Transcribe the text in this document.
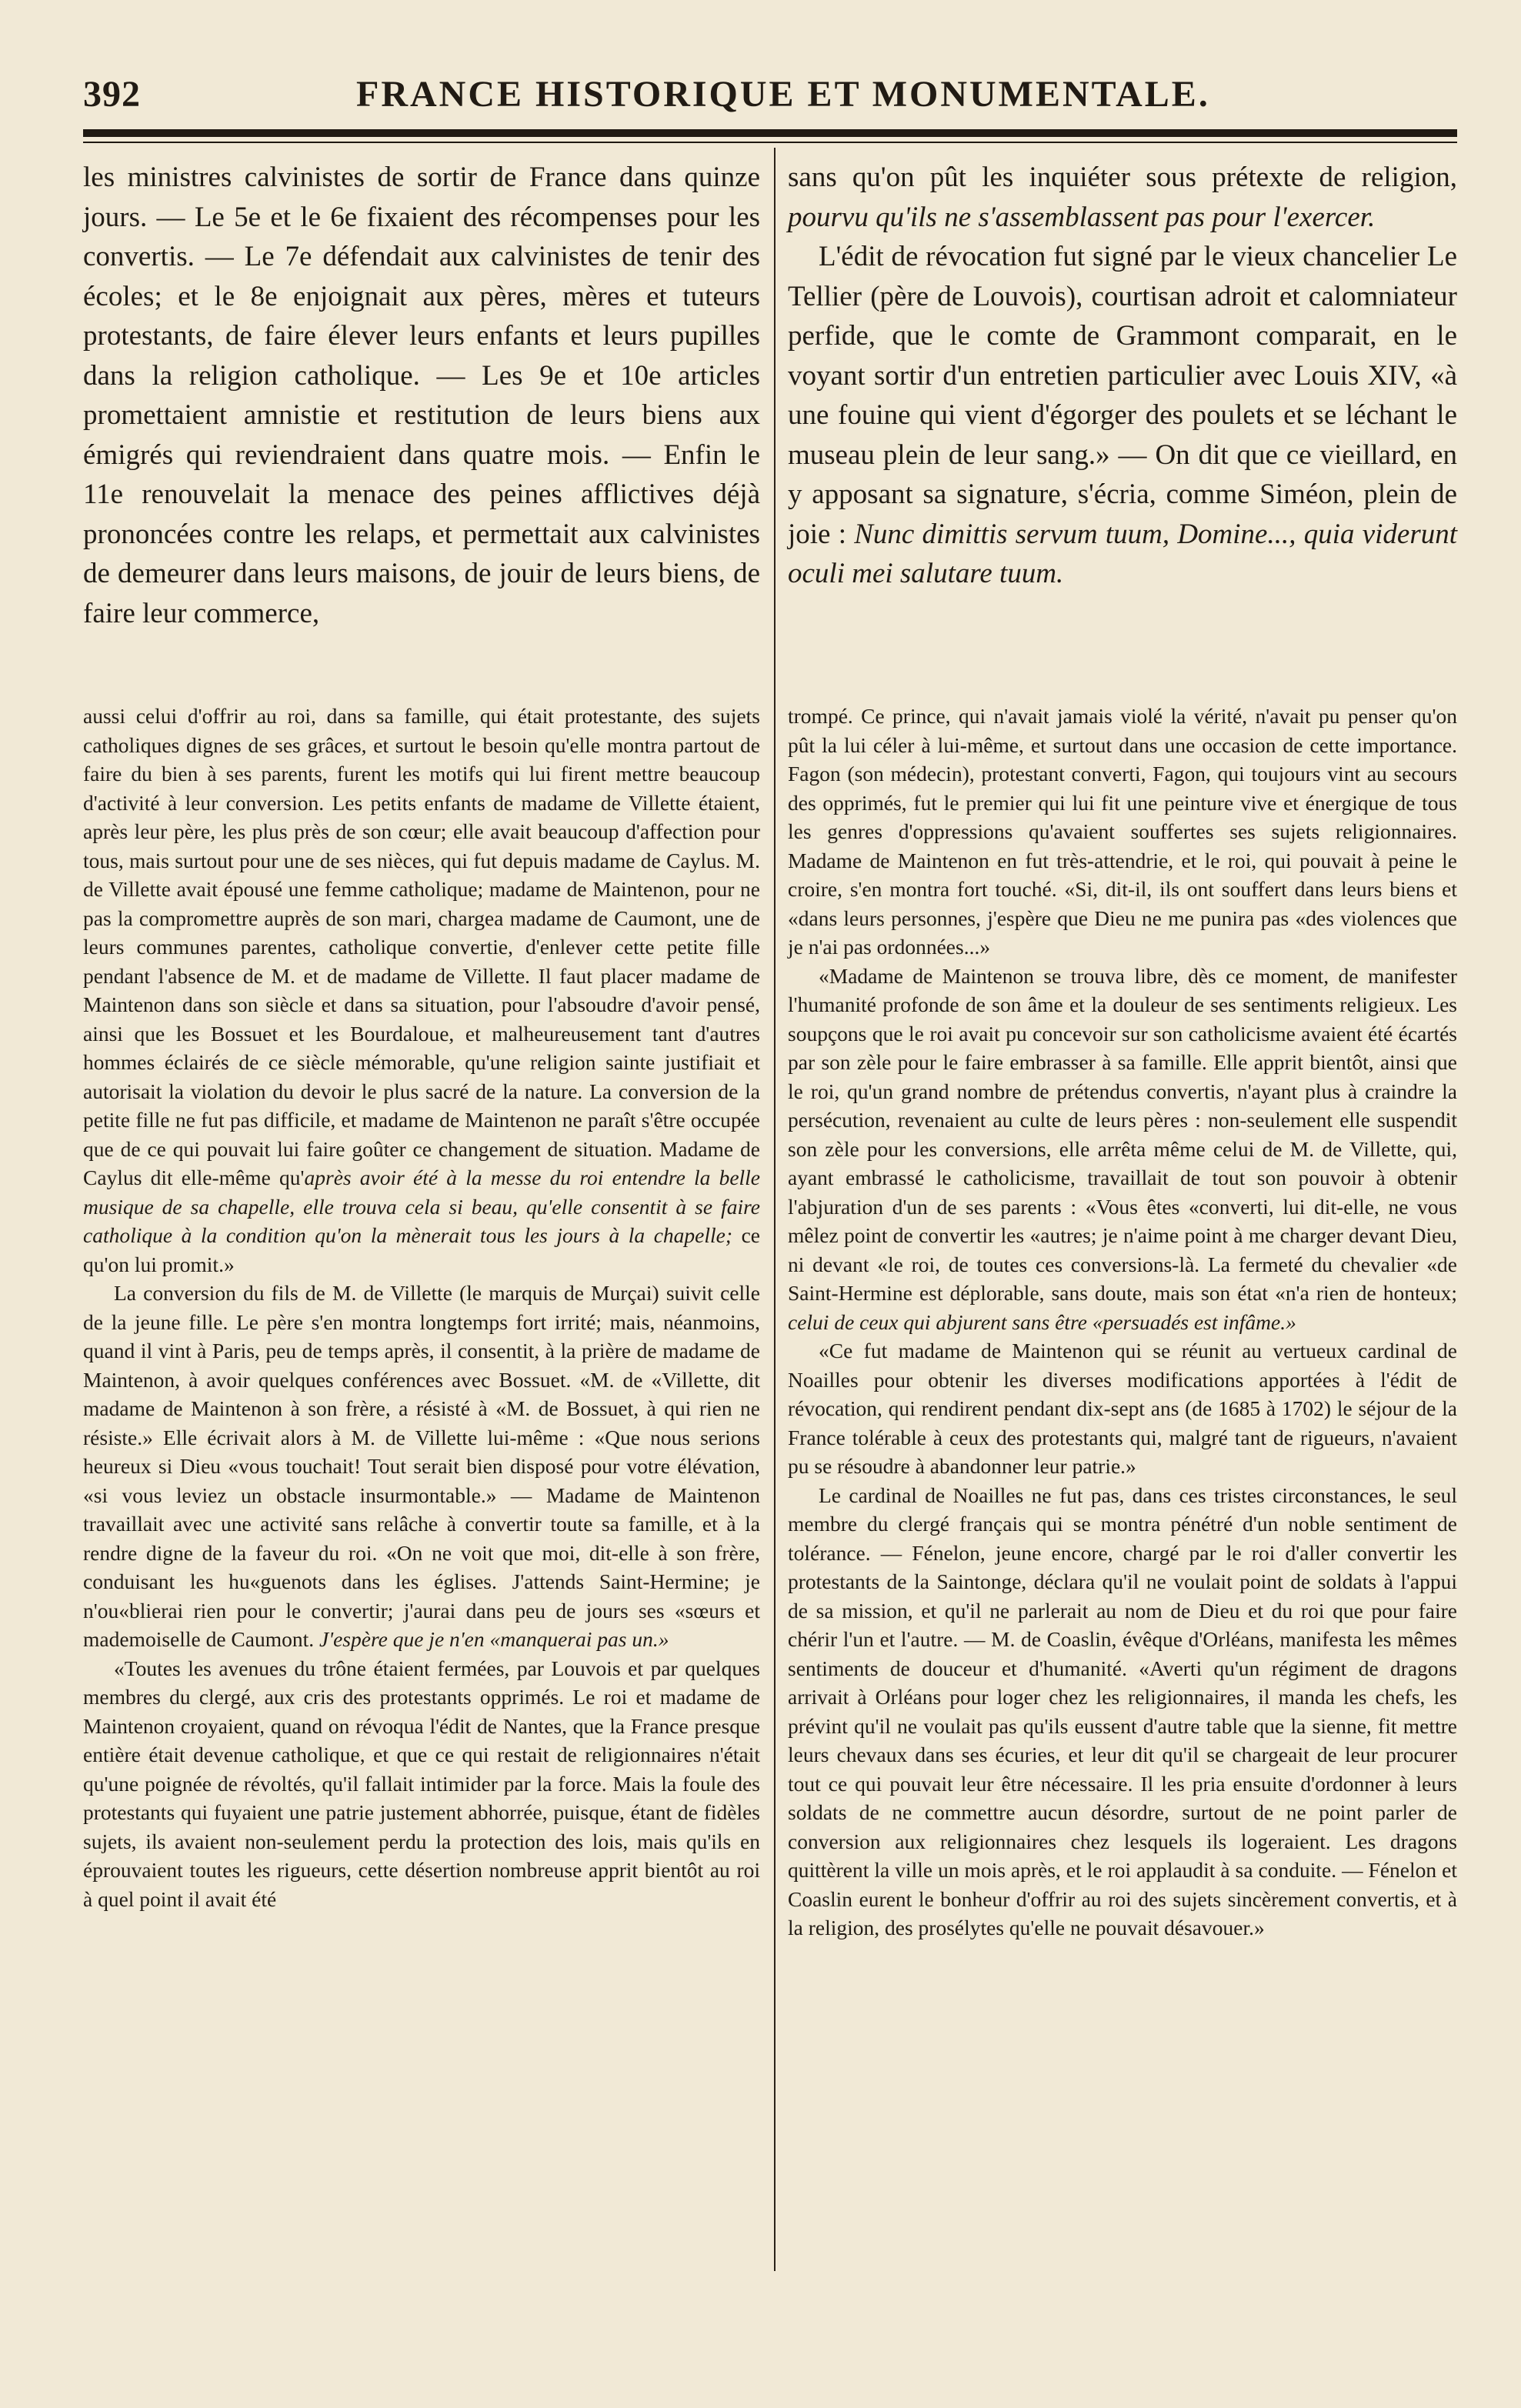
392	FRANCE HISTORIQUE ET MONUMENTALE.

les ministres calvinistes de sortir de France dans quinze jours. — Le 5e et le 6e fixaient des récompenses pour les convertis. — Le 7e défendait aux calvinistes de tenir des écoles; et le 8e enjoignait aux pères, mères et tuteurs protestants, de faire élever leurs enfants et leurs pupilles dans la religion catholique. — Les 9e et 10e articles promettaient amnistie et restitution de leurs biens aux émigrés qui reviendraient dans quatre mois. — Enfin le 11e renouvelait la menace des peines afflictives déjà prononcées contre les relaps, et permettait aux calvinistes de demeurer dans leurs maisons, de jouir de leurs biens, de faire leur commerce,

sans qu'on pût les inquiéter sous prétexte de religion, pourvu qu'ils ne s'assemblassent pas pour l'exercer.

L'édit de révocation fut signé par le vieux chancelier Le Tellier (père de Louvois), courtisan adroit et calomniateur perfide, que le comte de Grammont comparait, en le voyant sortir d'un entretien particulier avec Louis XIV, «à une fouine qui vient d'égorger des poulets et se léchant le museau plein de leur sang.» — On dit que ce vieillard, en y apposant sa signature, s'écria, comme Siméon, plein de joie : Nunc dimittis servum tuum, Domine..., quia viderunt oculi mei salutare tuum.

aussi celui d'offrir au roi, dans sa famille, qui était protestante, des sujets catholiques dignes de ses grâces, et surtout le besoin qu'elle montra partout de faire du bien à ses parents, furent les motifs qui lui firent mettre beaucoup d'activité à leur conversion. Les petits enfants de madame de Villette étaient, après leur père, les plus près de son cœur; elle avait beaucoup d'affection pour tous, mais surtout pour une de ses nièces, qui fut depuis madame de Caylus. M. de Villette avait épousé une femme catholique; madame de Maintenon, pour ne pas la compromettre auprès de son mari, chargea madame de Caumont, une de leurs communes parentes, catholique convertie, d'enlever cette petite fille pendant l'absence de M. et de madame de Villette. Il faut placer madame de Maintenon dans son siècle et dans sa situation, pour l'absoudre d'avoir pensé, ainsi que les Bossuet et les Bourdaloue, et malheureusement tant d'autres hommes éclairés de ce siècle mémorable, qu'une religion sainte justifiait et autorisait la violation du devoir le plus sacré de la nature. La conversion de la petite fille ne fut pas difficile, et madame de Maintenon ne paraît s'être occupée que de ce qui pouvait lui faire goûter ce changement de situation. Madame de Caylus dit elle-même qu'après avoir été à la messe du roi entendre la belle musique de sa chapelle, elle trouva cela si beau, qu'elle consentit à se faire catholique à la condition qu'on la mènerait tous les jours à la chapelle; ce qu'on lui promit.»

La conversion du fils de M. de Villette (le marquis de Murçai) suivit celle de la jeune fille. Le père s'en montra longtemps fort irrité; mais, néanmoins, quand il vint à Paris, peu de temps après, il consentit, à la prière de madame de Maintenon, à avoir quelques conférences avec Bossuet. «M. de «Villette, dit madame de Maintenon à son frère, a résisté à «M. de Bossuet, à qui rien ne résiste.» Elle écrivait alors à M. de Villette lui-même : «Que nous serions heureux si Dieu «vous touchait! Tout serait bien disposé pour votre élévation, «si vous leviez un obstacle insurmontable.» — Madame de Maintenon travaillait avec une activité sans relâche à convertir toute sa famille, et à la rendre digne de la faveur du roi. «On ne voit que moi, dit-elle à son frère, conduisant les hu«guenots dans les églises. J'attends Saint-Hermine; je n'ou«blierai rien pour le convertir; j'aurai dans peu de jours ses «sœurs et mademoiselle de Caumont. J'espère que je n'en «manquerai pas un.»

«Toutes les avenues du trône étaient fermées, par Louvois et par quelques membres du clergé, aux cris des protestants opprimés. Le roi et madame de Maintenon croyaient, quand on révoqua l'édit de Nantes, que la France presque entière était devenue catholique, et que ce qui restait de religionnaires n'était qu'une poignée de révoltés, qu'il fallait intimider par la force. Mais la foule des protestants qui fuyaient une patrie justement abhorrée, puisque, étant de fidèles sujets, ils avaient non-seulement perdu la protection des lois, mais qu'ils en éprouvaient toutes les rigueurs, cette désertion nombreuse apprit bientôt au roi à quel point il avait été

trompé. Ce prince, qui n'avait jamais violé la vérité, n'avait pu penser qu'on pût la lui céler à lui-même, et surtout dans une occasion de cette importance. Fagon (son médecin), protestant converti, Fagon, qui toujours vint au secours des opprimés, fut le premier qui lui fit une peinture vive et énergique de tous les genres d'oppressions qu'avaient souffertes ses sujets religionnaires. Madame de Maintenon en fut très-attendrie, et le roi, qui pouvait à peine le croire, s'en montra fort touché. «Si, dit-il, ils ont souffert dans leurs biens et «dans leurs personnes, j'espère que Dieu ne me punira pas «des violences que je n'ai pas ordonnées...»

«Madame de Maintenon se trouva libre, dès ce moment, de manifester l'humanité profonde de son âme et la douleur de ses sentiments religieux. Les soupçons que le roi avait pu concevoir sur son catholicisme avaient été écartés par son zèle pour le faire embrasser à sa famille. Elle apprit bientôt, ainsi que le roi, qu'un grand nombre de prétendus convertis, n'ayant plus à craindre la persécution, revenaient au culte de leurs pères : non-seulement elle suspendit son zèle pour les conversions, elle arrêta même celui de M. de Villette, qui, ayant embrassé le catholicisme, travaillait de tout son pouvoir à obtenir l'abjuration d'un de ses parents : «Vous êtes «converti, lui dit-elle, ne vous mêlez point de convertir les «autres; je n'aime point à me charger devant Dieu, ni devant «le roi, de toutes ces conversions-là. La fermeté du chevalier «de Saint-Hermine est déplorable, sans doute, mais son état «n'a rien de honteux; celui de ceux qui abjurent sans être «persuadés est infâme.»

«Ce fut madame de Maintenon qui se réunit au vertueux cardinal de Noailles pour obtenir les diverses modifications apportées à l'édit de révocation, qui rendirent pendant dix-sept ans (de 1685 à 1702) le séjour de la France tolérable à ceux des protestants qui, malgré tant de rigueurs, n'avaient pu se résoudre à abandonner leur patrie.»

Le cardinal de Noailles ne fut pas, dans ces tristes circonstances, le seul membre du clergé français qui se montra pénétré d'un noble sentiment de tolérance. — Fénelon, jeune encore, chargé par le roi d'aller convertir les protestants de la Saintonge, déclara qu'il ne voulait point de soldats à l'appui de sa mission, et qu'il ne parlerait au nom de Dieu et du roi que pour faire chérir l'un et l'autre. — M. de Coaslin, évêque d'Orléans, manifesta les mêmes sentiments de douceur et d'humanité. «Averti qu'un régiment de dragons arrivait à Orléans pour loger chez les religionnaires, il manda les chefs, les prévint qu'il ne voulait pas qu'ils eussent d'autre table que la sienne, fit mettre leurs chevaux dans ses écuries, et leur dit qu'il se chargeait de leur procurer tout ce qui pouvait leur être nécessaire. Il les pria ensuite d'ordonner à leurs soldats de ne commettre aucun désordre, surtout de ne point parler de conversion aux religionnaires chez lesquels ils logeraient. Les dragons quittèrent la ville un mois après, et le roi applaudit à sa conduite. — Fénelon et Coaslin eurent le bonheur d'offrir au roi des sujets sincèrement convertis, et à la religion, des prosélytes qu'elle ne pouvait désavouer.»
